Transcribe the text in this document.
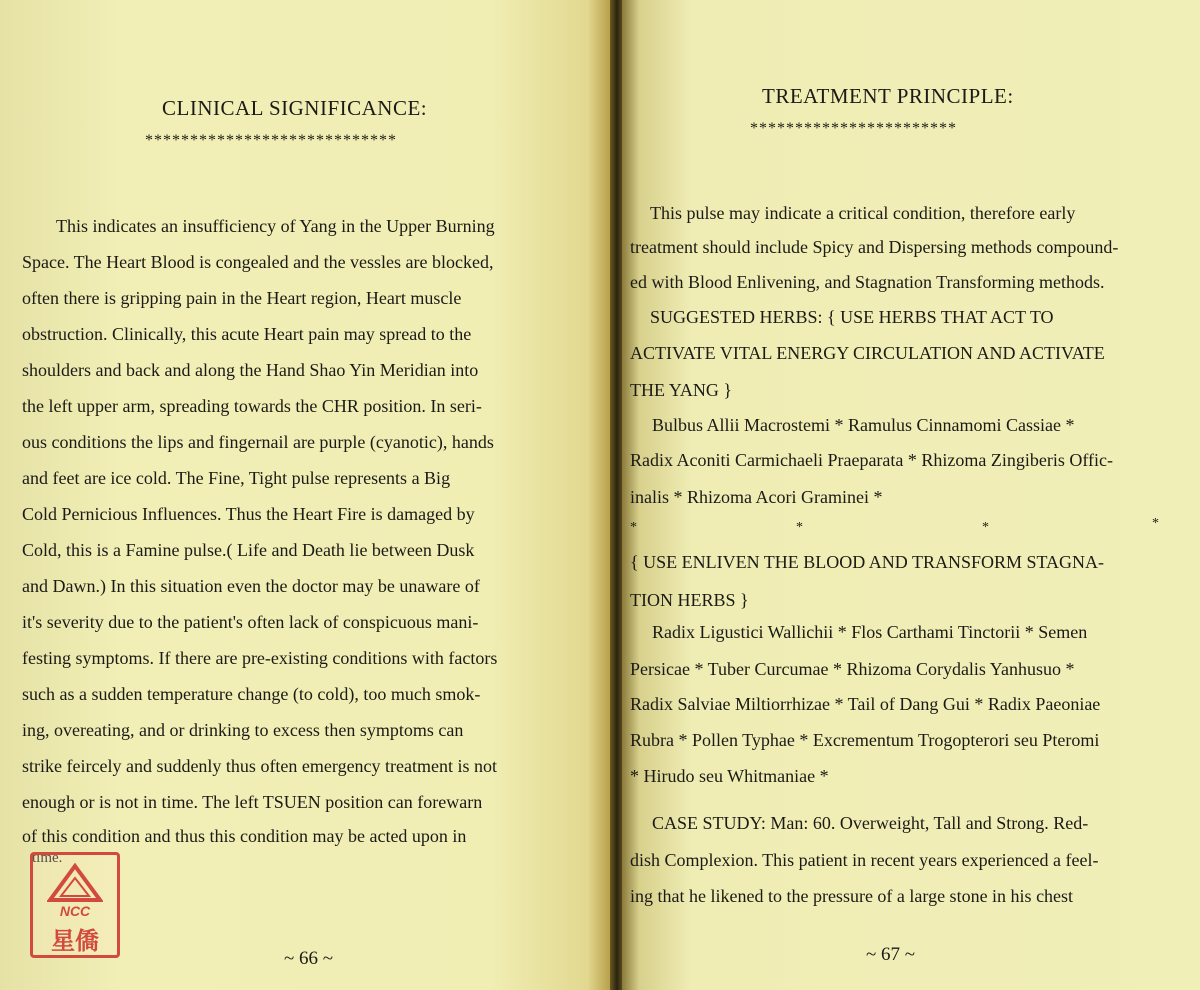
CLINICAL SIGNIFICANCE:
****************************
This indicates an insufficiency of Yang in the Upper Burning
Space. The Heart Blood is congealed and the vessles are blocked,
often there is gripping pain in the Heart region, Heart muscle
obstruction. Clinically, this acute Heart pain may spread to the
shoulders and back and along the Hand Shao Yin Meridian into
the left upper arm, spreading towards the CHR position. In seri-
ous conditions the lips and fingernail are purple (cyanotic), hands
and feet are ice cold. The Fine, Tight pulse represents a Big
Cold Pernicious Influences. Thus the Heart Fire is damaged by
Cold, this is a Famine pulse.( Life and Death lie between Dusk
and Dawn.) In this situation even the doctor may be unaware of
it's severity due to the patient's often lack of conspicuous mani-
festing symptoms. If there are pre-existing conditions with factors
such as a sudden temperature change (to cold), too much smok-
ing, overeating, and or drinking to excess then symptoms can
strike feircely and suddenly thus often emergency treatment is not
enough or is not in time. The left TSUEN position can forewarn
of this condition and thus this condition may be acted upon in
time.
~ 66 ~
NCC
星僑
TREATMENT PRINCIPLE:
***********************
This pulse may indicate a critical condition, therefore early
treatment should include Spicy and Dispersing methods compound-
ed with Blood Enlivening, and Stagnation Transforming methods.
SUGGESTED HERBS: { USE HERBS THAT ACT TO
ACTIVATE VITAL ENERGY CIRCULATION AND ACTIVATE
THE YANG }
Bulbus Allii Macrostemi * Ramulus Cinnamomi Cassiae *
Radix Aconiti Carmichaeli Praeparata * Rhizoma Zingiberis Offic-
inalis * Rhizoma Acori Graminei *
*	*	*	*
{ USE ENLIVEN THE BLOOD AND TRANSFORM STAGNA-
TION HERBS }
Radix Ligustici Wallichii * Flos Carthami Tinctorii * Semen
Persicae * Tuber Curcumae * Rhizoma Corydalis Yanhusuo *
Radix Salviae Miltiorrhizae * Tail of Dang Gui * Radix Paeoniae
Rubra * Pollen Typhae * Excrementum Trogopterori seu Pteromi
* Hirudo seu Whitmaniae *
CASE STUDY: Man: 60. Overweight, Tall and Strong. Red-
dish Complexion. This patient in recent years experienced a feel-
ing that he likened to the pressure of a large stone in his chest
~ 67 ~
